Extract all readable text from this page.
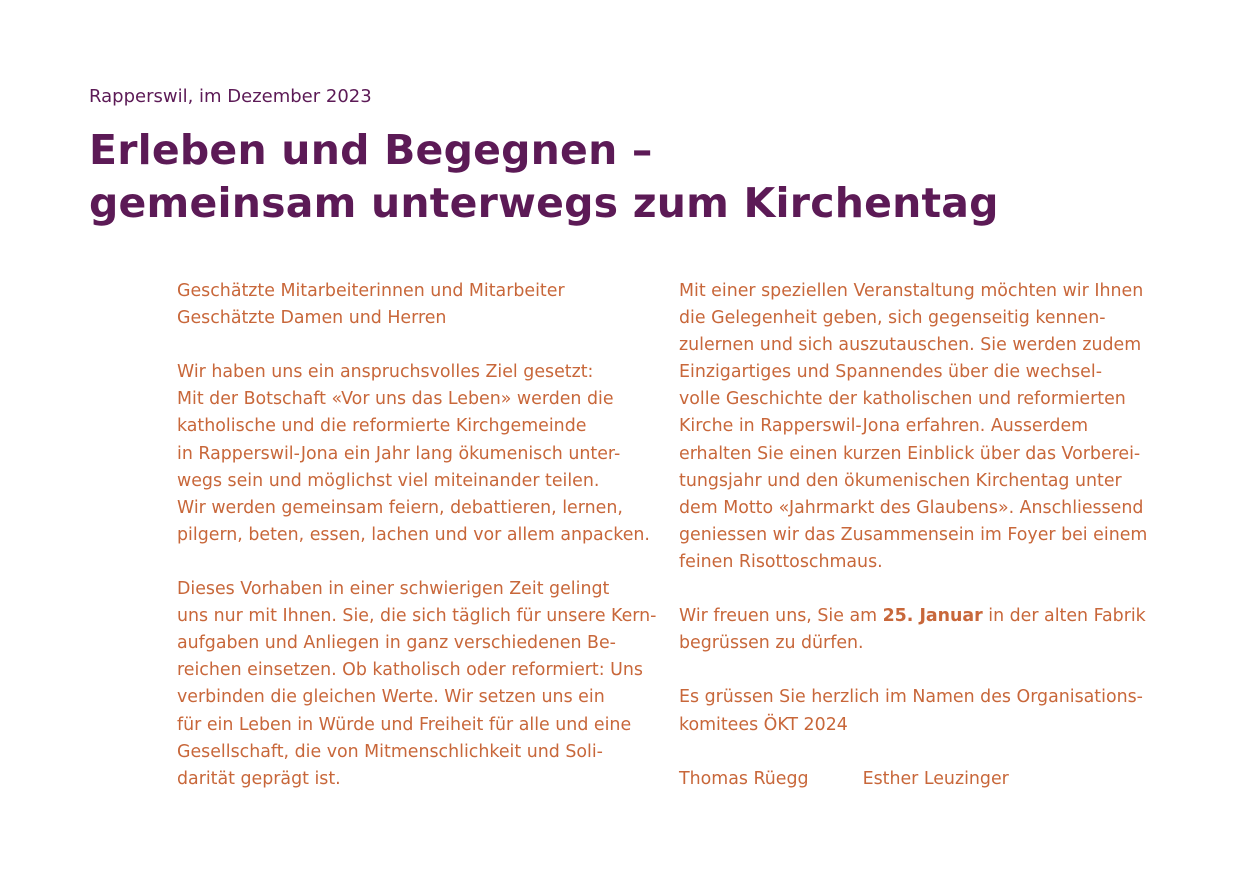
Rapperswil, im Dezember 2023
Erleben und Begegnen –
gemeinsam unterwegs zum Kirchentag
Geschätzte Mitarbeiterinnen und Mitarbeiter
Geschätzte Damen und Herren
Wir haben uns ein anspruchsvolles Ziel gesetzt:
Mit der Botschaft «Vor uns das Leben» werden die
katholische und die reformierte Kirchgemeinde
in Rapperswil-Jona ein Jahr lang ökumenisch unter-
wegs sein und möglichst viel miteinander teilen.
Wir werden gemeinsam feiern, debattieren, lernen,
pilgern, beten, essen, lachen und vor allem anpacken.
Dieses Vorhaben in einer schwierigen Zeit gelingt
uns nur mit Ihnen. Sie, die sich täglich für unsere Kern-
aufgaben und Anliegen in ganz verschiedenen Be-
reichen einsetzen. Ob katholisch oder reformiert: Uns
verbinden die gleichen Werte. Wir setzen uns ein
für ein Leben in Würde und Freiheit für alle und eine
Gesellschaft, die von Mitmenschlichkeit und Soli-
darität geprägt ist.
Mit einer speziellen Veranstaltung möchten wir Ihnen
die Gelegenheit geben, sich gegenseitig kennen-
zulernen und sich auszutauschen. Sie werden zudem
Einzigartiges und Spannendes über die wechsel-
volle Geschichte der katholischen und reformierten
Kirche in Rapperswil-Jona erfahren. Ausserdem
erhalten Sie einen kurzen Einblick über das Vorberei-
tungsjahr und den ökumenischen Kirchentag unter
dem Motto «Jahrmarkt des Glaubens». Anschliessend
geniessen wir das Zusammensein im Foyer bei einem
feinen Risottoschmaus.
Wir freuen uns, Sie am 25. Januar in der alten Fabrik
begrüssen zu dürfen.
Es grüssen Sie herzlich im Namen des Organisations-
komitees ÖKT 2024
Thomas Rüegg	Esther Leuzinger
